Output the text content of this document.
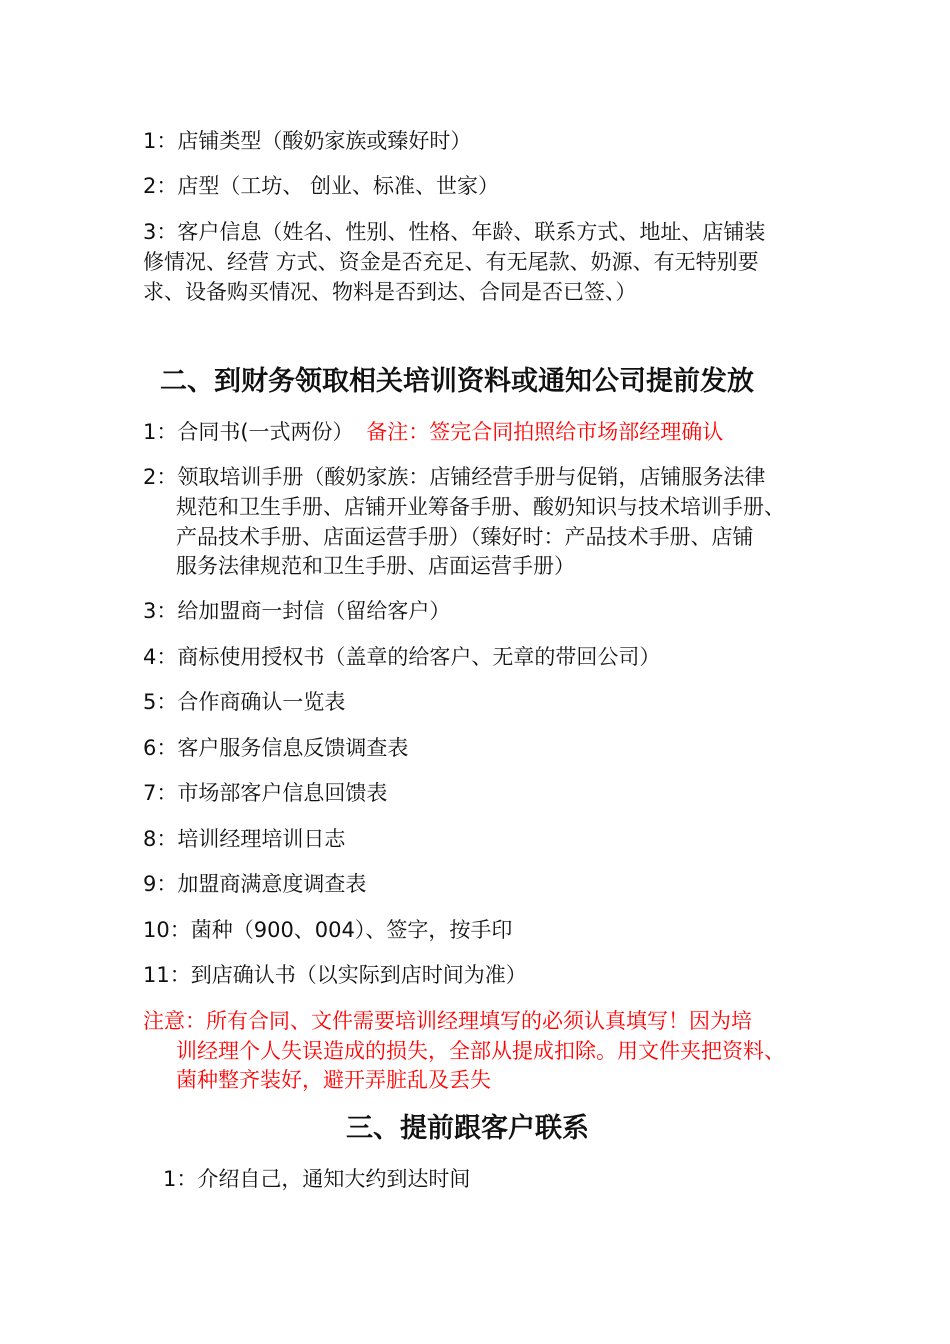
1：店铺类型（酸奶家族或臻好时）
2：店型（工坊、 创业、标准、世家）
3：客户信息（姓名、性别、性格、年龄、联系方式、地址、店铺装
修情况、经营 方式、资金是否充足、有无尾款、奶源、有无特别要
求、设备购买情况、物料是否到达、合同是否已签、）
二、到财务领取相关培训资料或通知公司提前发放
1：合同书(一式两份） 备注：签完合同拍照给市场部经理确认
2：领取培训手册（酸奶家族：店铺经营手册与促销，店铺服务法律
规范和卫生手册、店铺开业筹备手册、酸奶知识与技术培训手册、
产品技术手册、店面运营手册）（臻好时：产品技术手册、店铺
服务法律规范和卫生手册、店面运营手册）
3：给加盟商一封信（留给客户）
4：商标使用授权书（盖章的给客户、无章的带回公司）
5：合作商确认一览表
6：客户服务信息反馈调查表
7：市场部客户信息回馈表
8：培训经理培训日志
9：加盟商满意度调查表
10：菌种（900、004）、签字，按手印
11：到店确认书（以实际到店时间为准）
注意：所有合同、文件需要培训经理填写的必须认真填写！因为培
训经理个人失误造成的损失，全部从提成扣除。用文件夹把资料、
菌种整齐装好，避开弄脏乱及丢失
三、提前跟客户联系
1：介绍自己，通知大约到达时间
